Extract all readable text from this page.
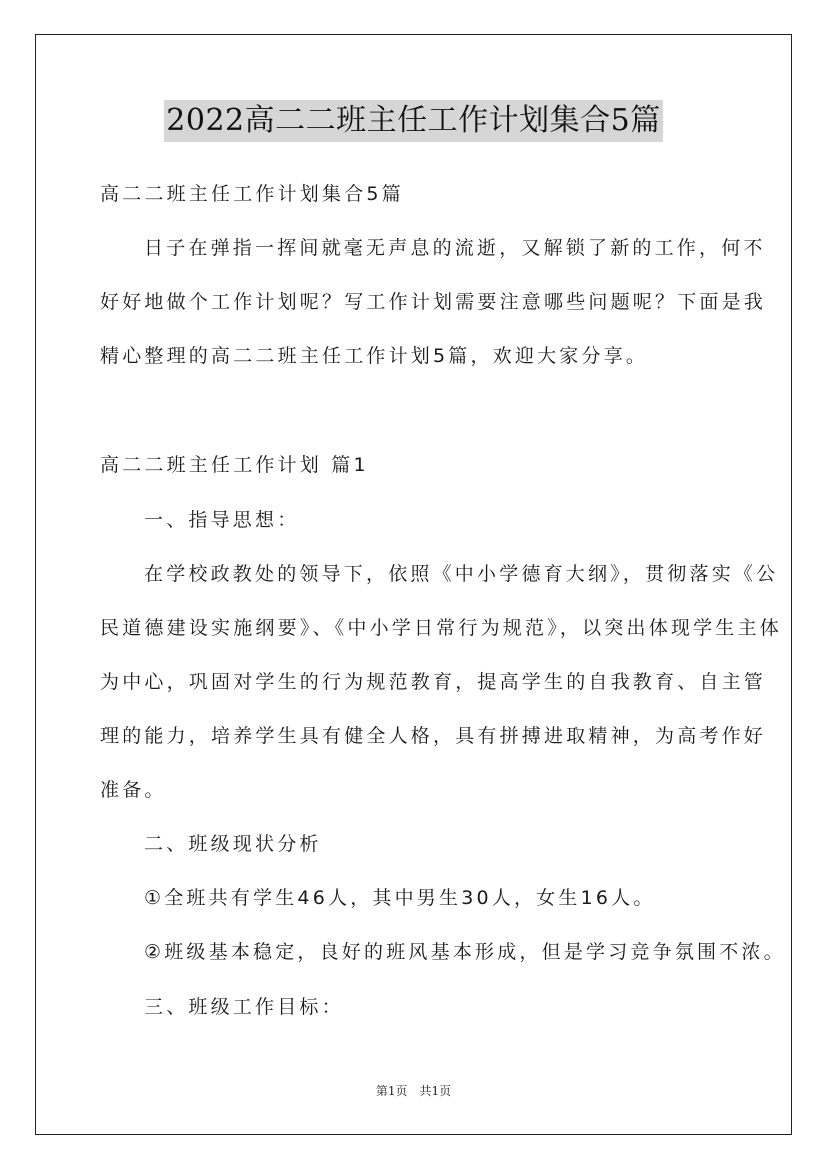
2022高二二班主任工作计划集合5篇
高二二班主任工作计划集合5篇
日子在弹指一挥间就毫无声息的流逝，又解锁了新的工作，何不
好好地做个工作计划呢？写工作计划需要注意哪些问题呢？下面是我
精心整理的高二二班主任工作计划5篇，欢迎大家分享。
高二二班主任工作计划 篇1
一、指导思想：
在学校政教处的领导下，依照《中小学德育大纲》，贯彻落实《公
民道德建设实施纲要》、《中小学日常行为规范》，以突出体现学生主体
为中心，巩固对学生的行为规范教育，提高学生的自我教育、自主管
理的能力，培养学生具有健全人格，具有拼搏进取精神，为高考作好
准备。
二、班级现状分析
①全班共有学生46人，其中男生30人，女生16人。
②班级基本稳定，良好的班风基本形成，但是学习竞争氛围不浓。
三、班级工作目标：
第1页　共1页
